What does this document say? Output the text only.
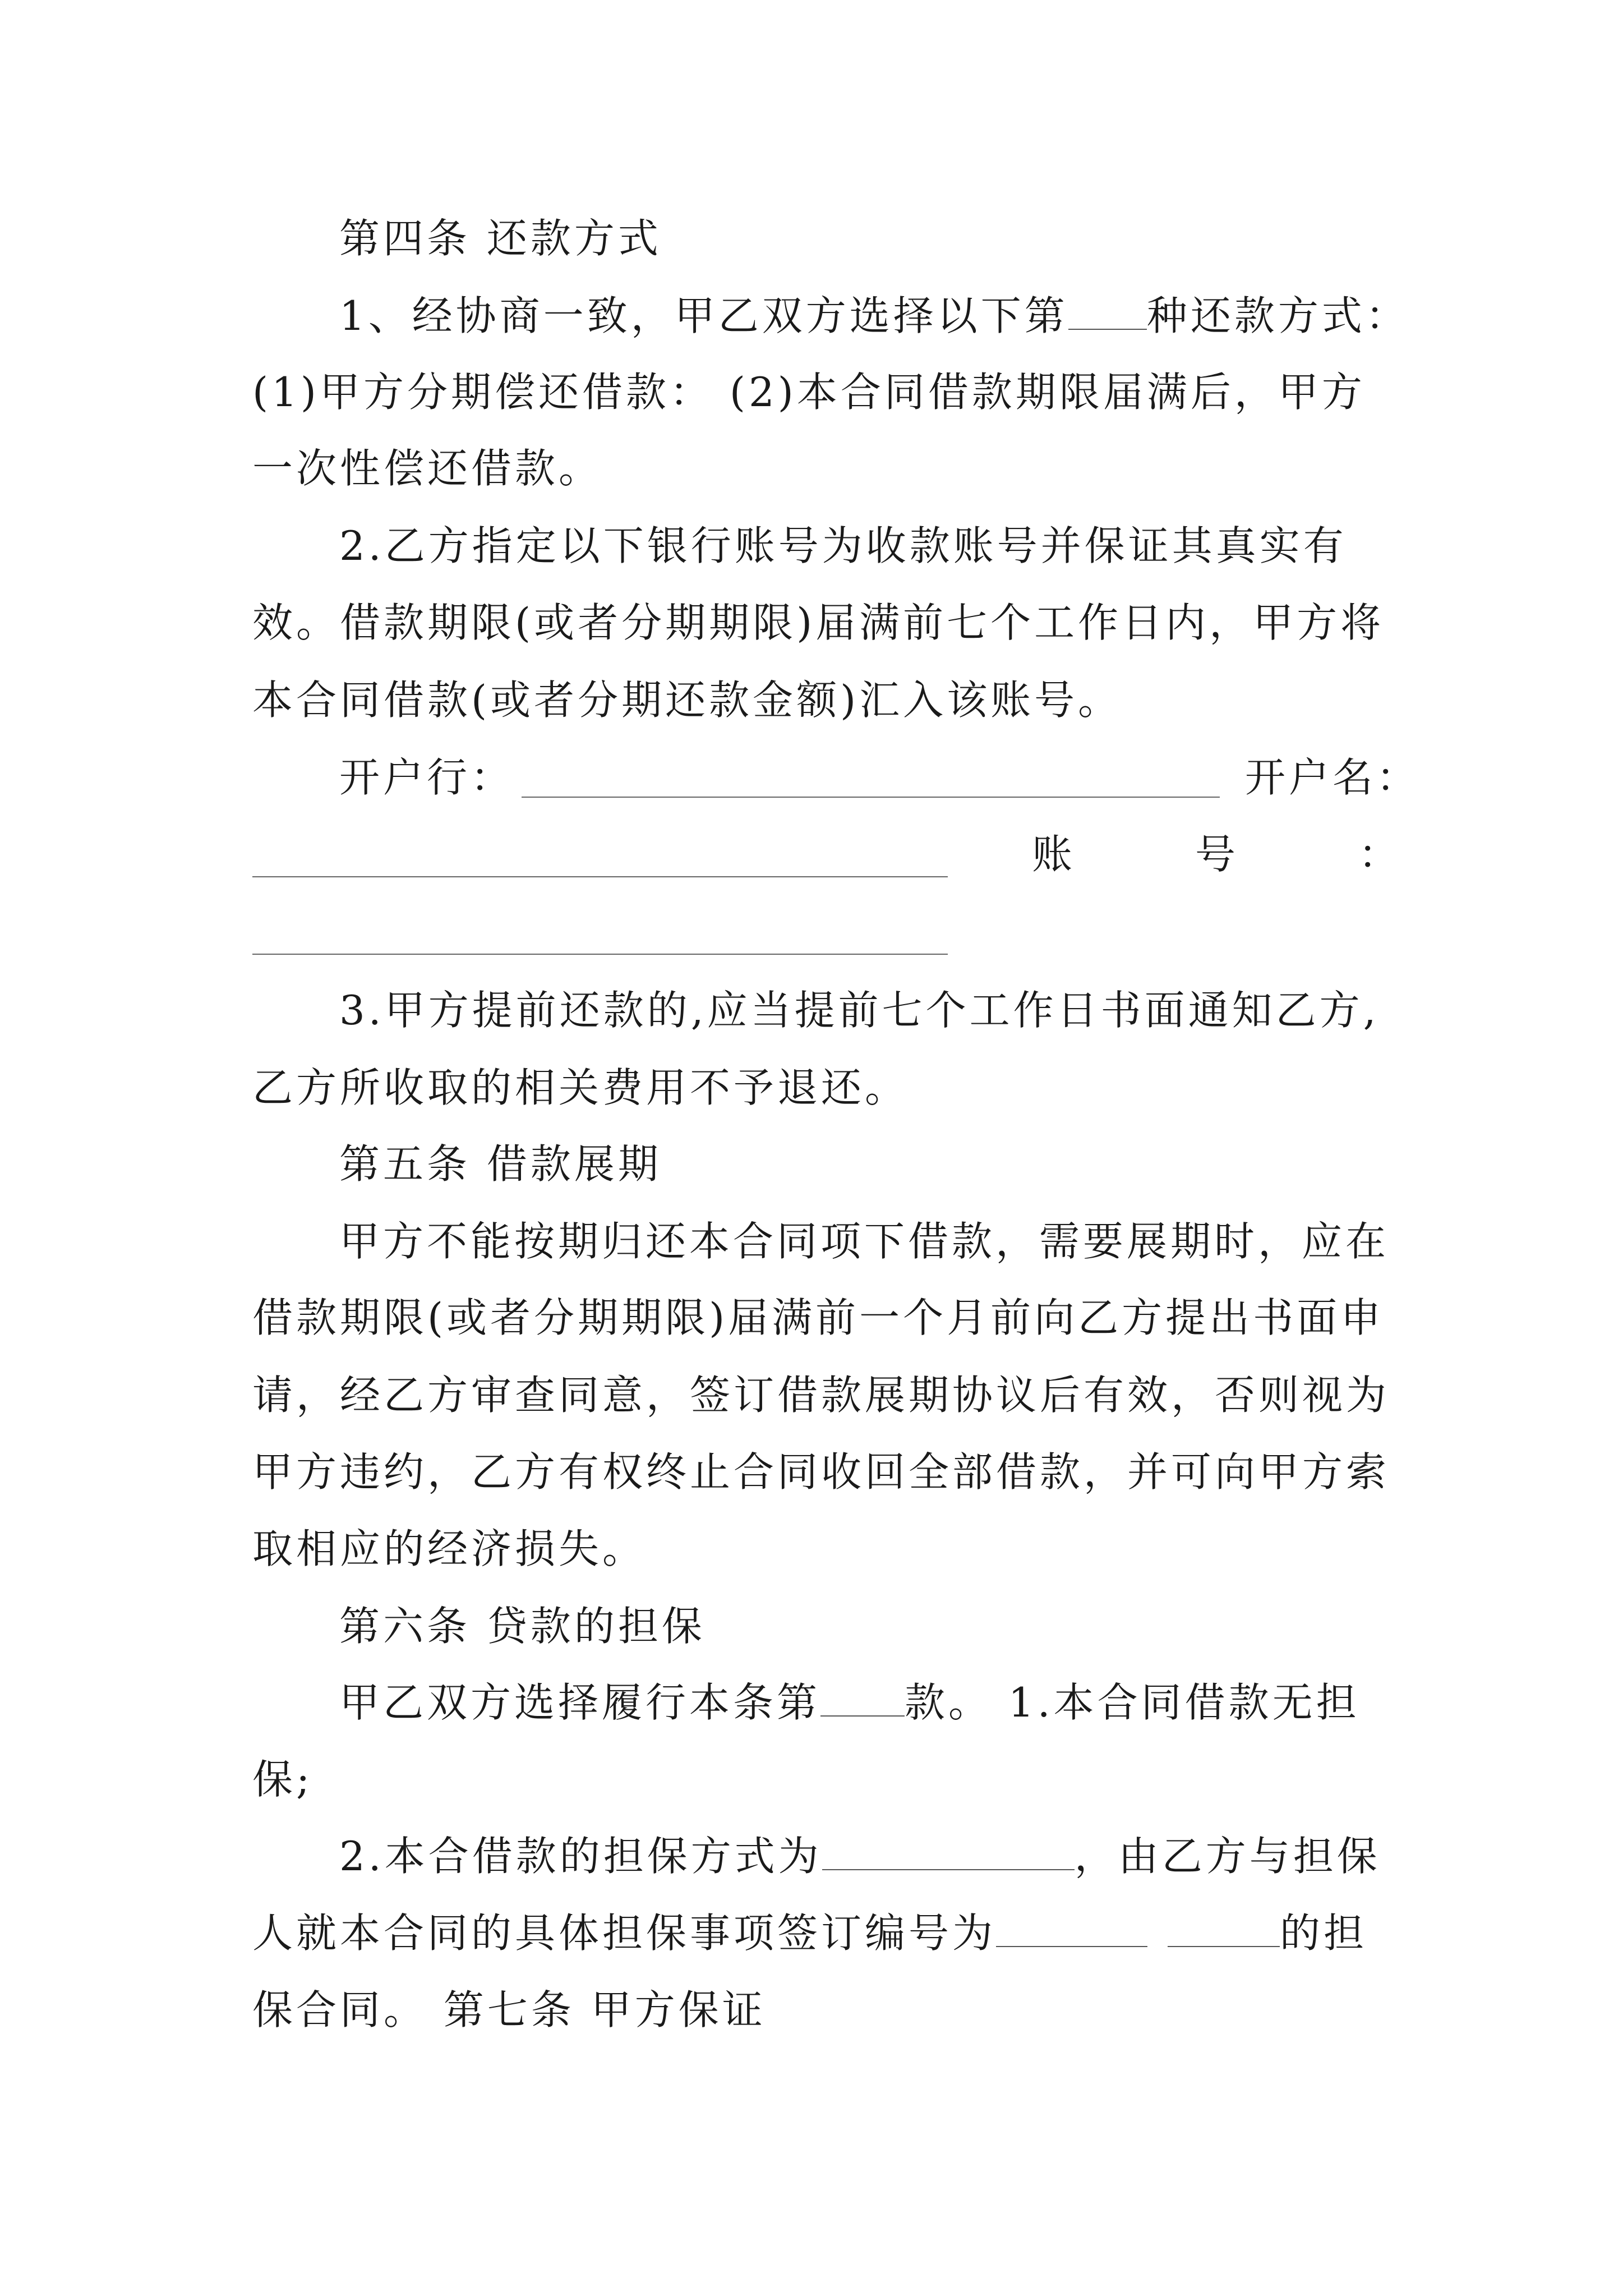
第四条 还款方式
1、经协商一致，甲乙双方选择以下第 种还款方式：
(1)甲方分期偿还借款： (2)本合同借款期限届满后，甲方
一次性偿还借款。
2.乙方指定以下银行账号为收款账号并保证其真实有
效。借款期限(或者分期期限)届满前七个工作日内，甲方将
本合同借款(或者分期还款金额)汇入该账号。
开户行：	开户名：
账	号	：
3.甲方提前还款的,应当提前七个工作日书面通知乙方,
乙方所收取的相关费用不予退还。
第五条 借款展期
甲方不能按期归还本合同项下借款，需要展期时，应在
借款期限(或者分期期限)届满前一个月前向乙方提出书面申
请，经乙方审查同意，签订借款展期协议后有效，否则视为
甲方违约，乙方有权终止合同收回全部借款，并可向甲方索
取相应的经济损失。
第六条 贷款的担保
甲乙双方选择履行本条第 款。 1.本合同借款无担
保;
2.本合借款的担保方式为	，由乙方与担保
人就本合同的具体担保事项签订编号为	的担
保合同。 第七条 甲方保证
